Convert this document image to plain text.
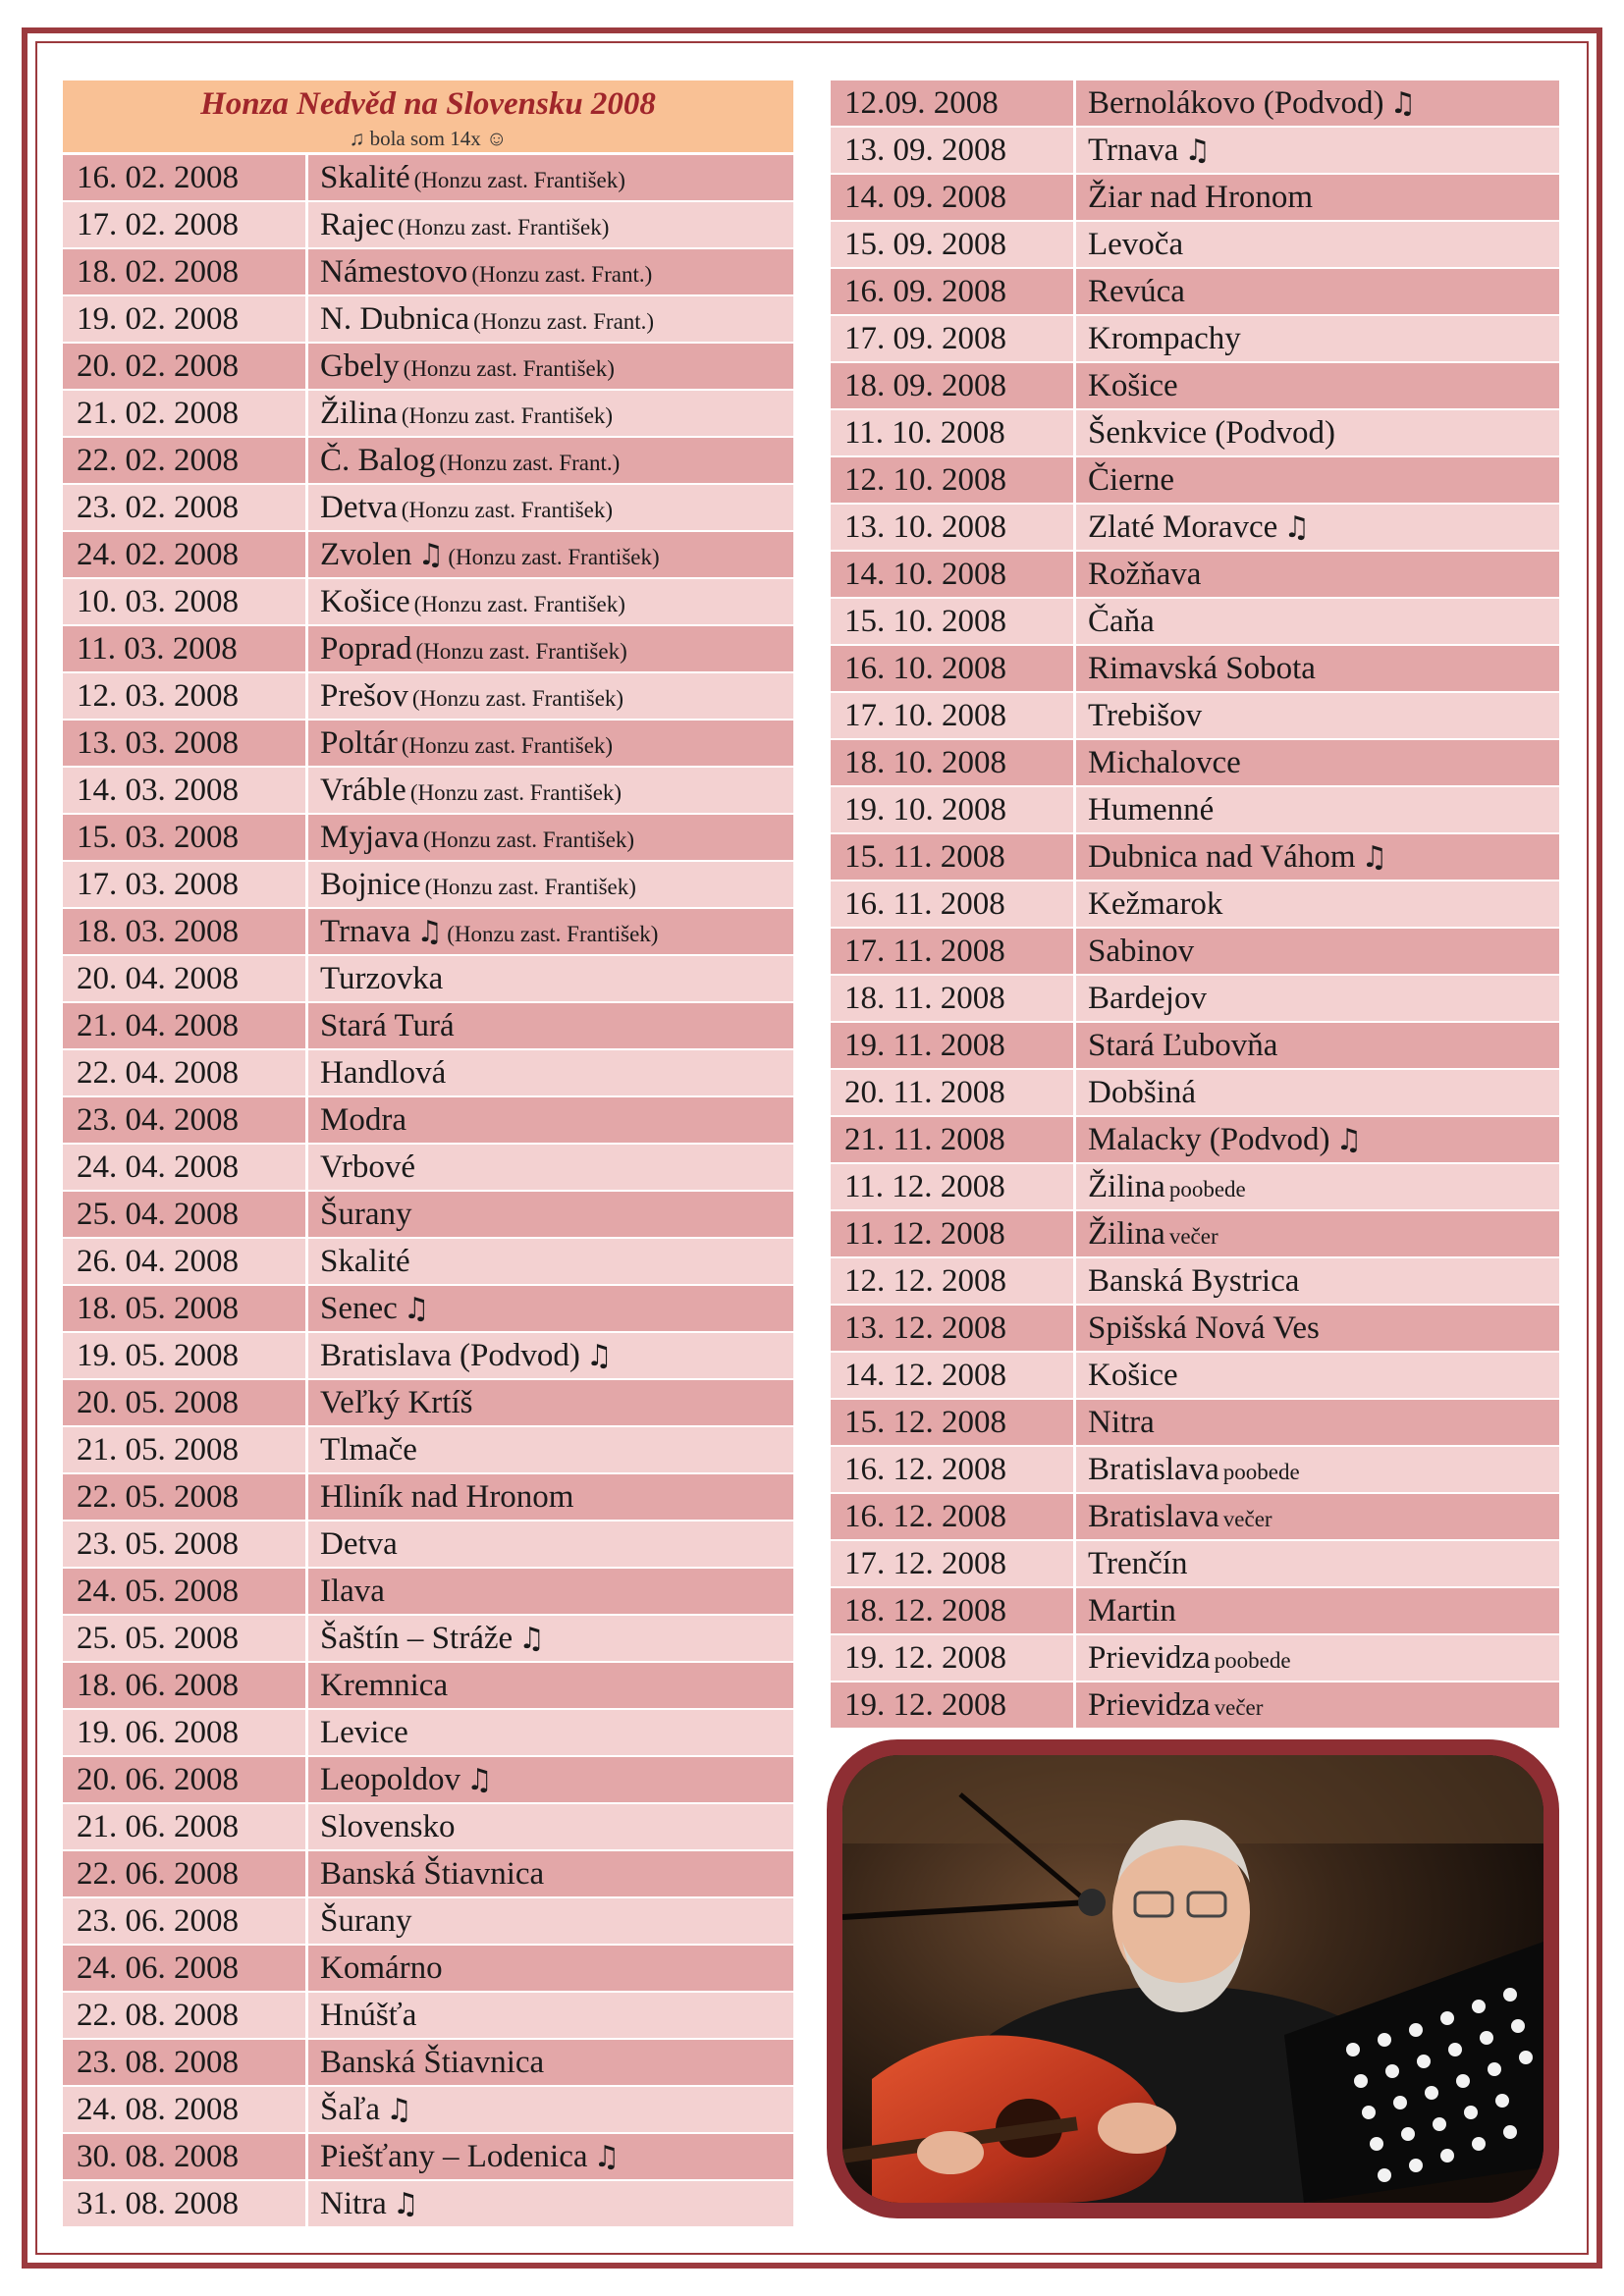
Honza Nedvěd na Slovensku 2008
♫ bola som 14x ☺
16. 02. 2008	Skalité (Honzu zast. František)
17. 02. 2008	Rajec (Honzu zast. František)
18. 02. 2008	Námestovo (Honzu zast. Frant.)
19. 02. 2008	N. Dubnica (Honzu zast. Frant.)
20. 02. 2008	Gbely (Honzu zast. František)
21. 02. 2008	Žilina (Honzu zast. František)
22. 02. 2008	Č. Balog (Honzu zast. Frant.)
23. 02. 2008	Detva (Honzu zast. František)
24. 02. 2008	Zvolen ♫ (Honzu zast. František)
10. 03. 2008	Košice (Honzu zast. František)
11. 03. 2008	Poprad (Honzu zast. František)
12. 03. 2008	Prešov (Honzu zast. František)
13. 03. 2008	Poltár (Honzu zast. František)
14. 03. 2008	Vráble (Honzu zast. František)
15. 03. 2008	Myjava (Honzu zast. František)
17. 03. 2008	Bojnice (Honzu zast. František)
18. 03. 2008	Trnava ♫ (Honzu zast. František)
20. 04. 2008	Turzovka
21. 04. 2008	Stará Turá
22. 04. 2008	Handlová
23. 04. 2008	Modra
24. 04. 2008	Vrbové
25. 04. 2008	Šurany
26. 04. 2008	Skalité
18. 05. 2008	Senec ♫
19. 05. 2008	Bratislava (Podvod) ♫
20. 05. 2008	Veľký Krtíš
21. 05. 2008	Tlmače
22. 05. 2008	Hliník nad Hronom
23. 05. 2008	Detva
24. 05. 2008	Ilava
25. 05. 2008	Šaštín – Stráže ♫
18. 06. 2008	Kremnica
19. 06. 2008	Levice
20. 06. 2008	Leopoldov ♫
21. 06. 2008	Slovensko
22. 06. 2008	Banská Štiavnica
23. 06. 2008	Šurany
24. 06. 2008	Komárno
22. 08. 2008	Hnúšťa
23. 08. 2008	Banská Štiavnica
24. 08. 2008	Šaľa ♫
30. 08. 2008	Piešťany – Lodenica ♫
31. 08. 2008	Nitra ♫
12.09. 2008	Bernolákovo (Podvod) ♫
13. 09. 2008	Trnava ♫
14. 09. 2008	Žiar nad Hronom
15. 09. 2008	Levoča
16. 09. 2008	Revúca
17. 09. 2008	Krompachy
18. 09. 2008	Košice
11. 10. 2008	Šenkvice (Podvod)
12. 10. 2008	Čierne
13. 10. 2008	Zlaté Moravce ♫
14. 10. 2008	Rožňava
15. 10. 2008	Čaňa
16. 10. 2008	Rimavská Sobota
17. 10. 2008	Trebišov
18. 10. 2008	Michalovce
19. 10. 2008	Humenné
15. 11. 2008	Dubnica nad Váhom ♫
16. 11. 2008	Kežmarok
17. 11. 2008	Sabinov
18. 11. 2008	Bardejov
19. 11. 2008	Stará Ľubovňa
20. 11. 2008	Dobšiná
21. 11. 2008	Malacky (Podvod) ♫
11. 12. 2008	Žilina poobede
11. 12. 2008	Žilina večer
12. 12. 2008	Banská Bystrica
13. 12. 2008	Spišská Nová Ves
14. 12. 2008	Košice
15. 12. 2008	Nitra
16. 12. 2008	Bratislava poobede
16. 12. 2008	Bratislava večer
17. 12. 2008	Trenčín
18. 12. 2008	Martin
19. 12. 2008	Prievidza poobede
19. 12. 2008	Prievidza večer
